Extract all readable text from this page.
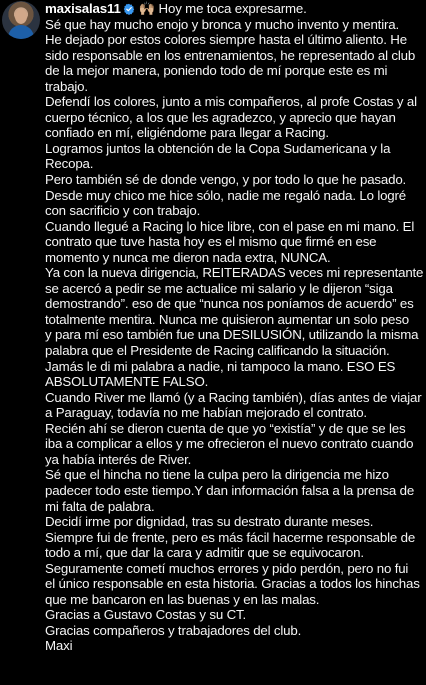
maxisalas11 🙌🏼 Hoy me toca expresarme.

Sé que hay mucho enojo y bronca y mucho invento y mentira.
He dejado por estos colores siempre hasta el último aliento. He
sido responsable en los entrenamientos, he representado al club
de la mejor manera, poniendo todo de mí porque este es mi
trabajo.
Defendí los colores, junto a mis compañeros, al profe Costas y al
cuerpo técnico, a los que les agradezco, y aprecio que hayan
confiado en mí, eligiéndome para llegar a Racing.
Logramos juntos la obtención de la Copa Sudamericana y la
Recopa.
Pero también sé de donde vengo, y por todo lo que he pasado.
Desde muy chico me hice sólo, nadie me regaló nada. Lo logré
con sacrificio y con trabajo.
Cuando llegué a Racing lo hice libre, con el pase en mi mano. El
contrato que tuve hasta hoy es el mismo que firmé en ese
momento y nunca me dieron nada extra, NUNCA.
Ya con la nueva dirigencia, REITERADAS veces mi representante
se acercó a pedir se me actualice mi salario y le dijeron “siga
demostrando”. eso de que “nunca nos poníamos de acuerdo” es
totalmente mentira. Nunca me quisieron aumentar un solo peso
y para mí eso también fue una DESILUSIÓN, utilizando la misma
palabra que el Presidente de Racing calificando la situación.
Jamás le di mi palabra a nadie, ni tampoco la mano. ESO ES
ABSOLUTAMENTE FALSO.
Cuando River me llamó (y a Racing también), días antes de viajar
a Paraguay, todavía no me habían mejorado el contrato.
Recién ahí se dieron cuenta de que yo “existía” y de que se les
iba a complicar a ellos y me ofrecieron el nuevo contrato cuando
ya había interés de River.
Sé que el hincha no tiene la culpa pero la dirigencia me hizo
padecer todo este tiempo.Y dan información falsa a la prensa de
mi falta de palabra.
Decidí irme por dignidad, tras su destrato durante meses.
Siempre fui de frente, pero es más fácil hacerme responsable de
todo a mí, que dar la cara y admitir que se equivocaron.
Seguramente cometí muchos errores y pido perdón, pero no fui
el único responsable en esta historia. Gracias a todos los hinchas
que me bancaron en las buenas y en las malas.
Gracias a Gustavo Costas y su CT.
Gracias compañeros y trabajadores del club.
Maxi
